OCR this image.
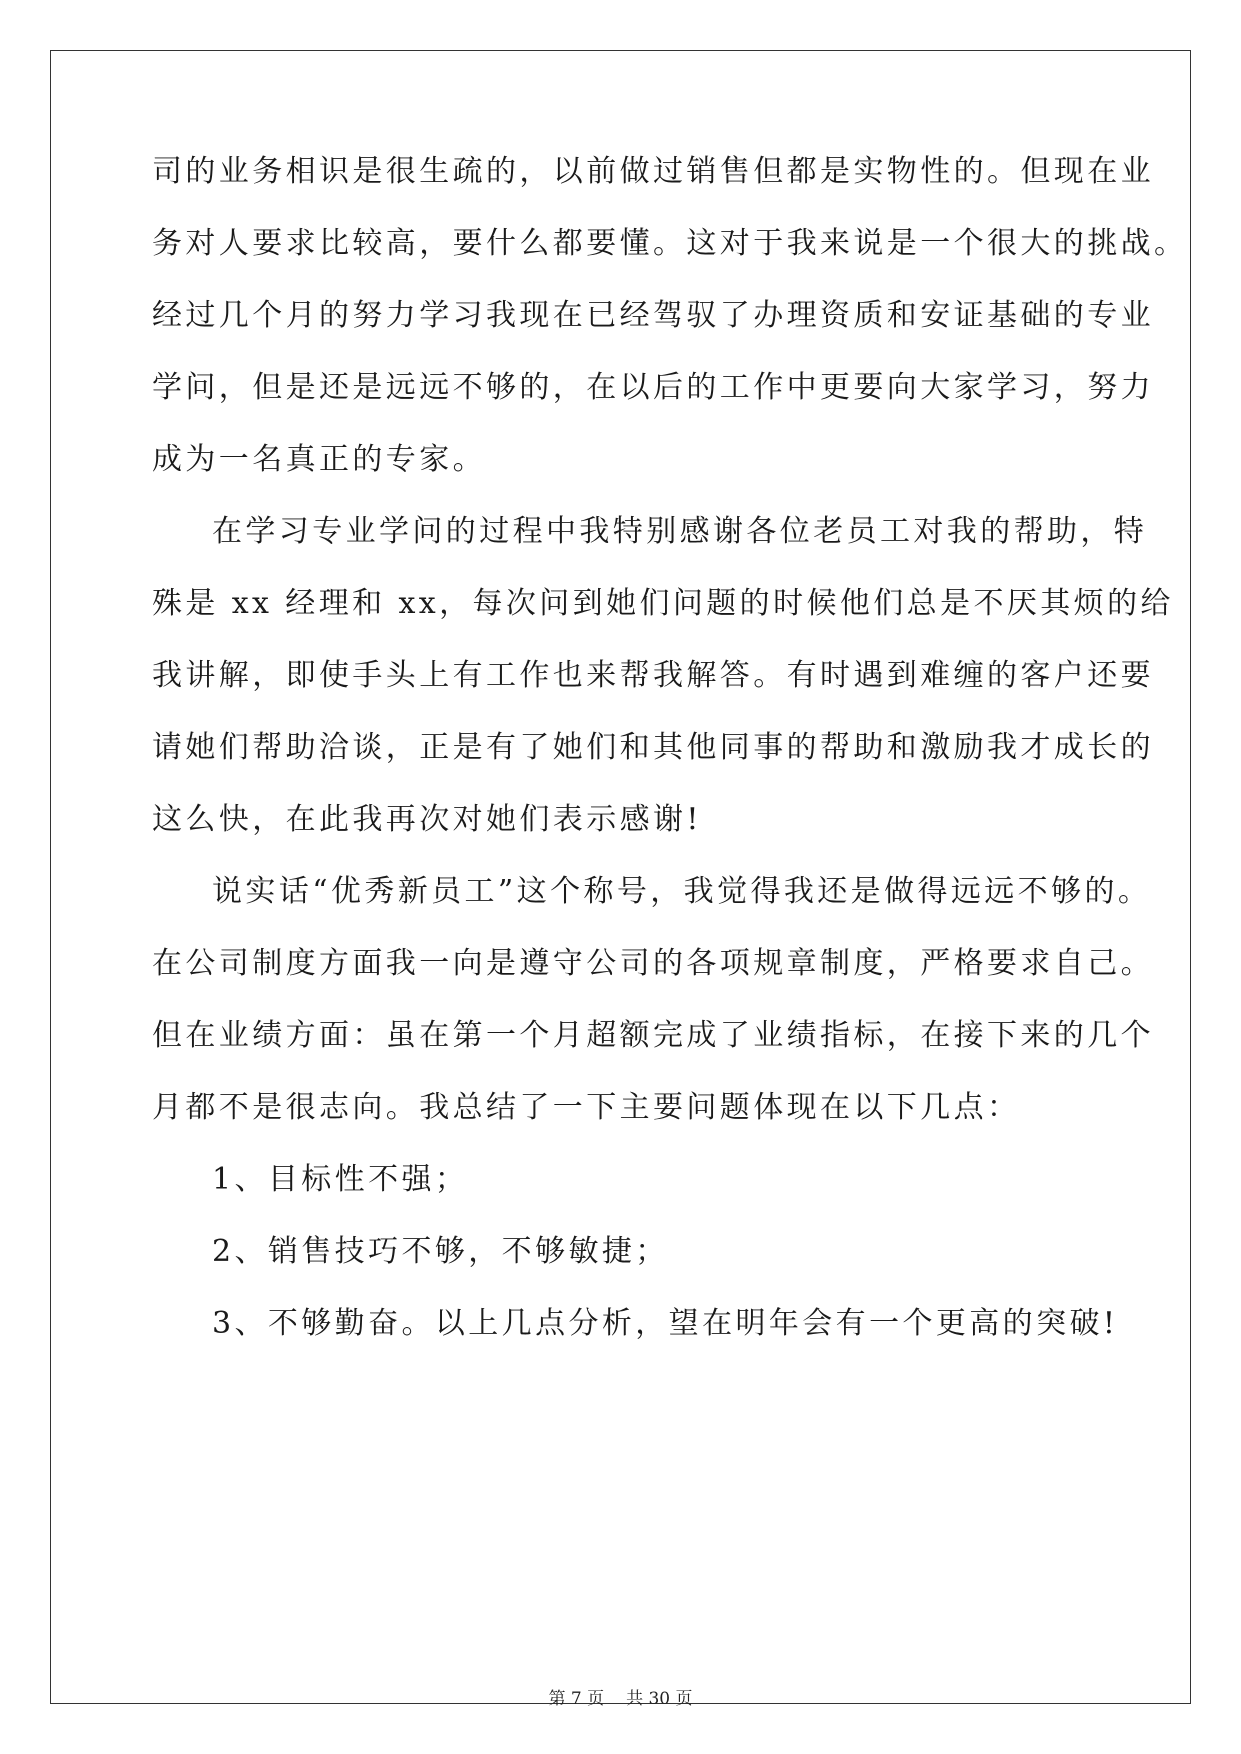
司的业务相识是很生疏的，以前做过销售但都是实物性的。但现在业
务对人要求比较高，要什么都要懂。这对于我来说是一个很大的挑战。
经过几个月的努力学习我现在已经驾驭了办理资质和安证基础的专业
学问，但是还是远远不够的，在以后的工作中更要向大家学习，努力
成为一名真正的专家。
在学习专业学问的过程中我特别感谢各位老员工对我的帮助，特
殊是 xx 经理和 xx，每次问到她们问题的时候他们总是不厌其烦的给
我讲解，即使手头上有工作也来帮我解答。有时遇到难缠的客户还要
请她们帮助洽谈，正是有了她们和其他同事的帮助和激励我才成长的
这么快，在此我再次对她们表示感谢!
说实话“优秀新员工”这个称号，我觉得我还是做得远远不够的。
在公司制度方面我一向是遵守公司的各项规章制度，严格要求自己。
但在业绩方面：虽在第一个月超额完成了业绩指标，在接下来的几个
月都不是很志向。我总结了一下主要问题体现在以下几点：
1、目标性不强；
2、销售技巧不够，不够敏捷；
3、不够勤奋。以上几点分析，望在明年会有一个更高的突破!
第 7 页 共 30 页
